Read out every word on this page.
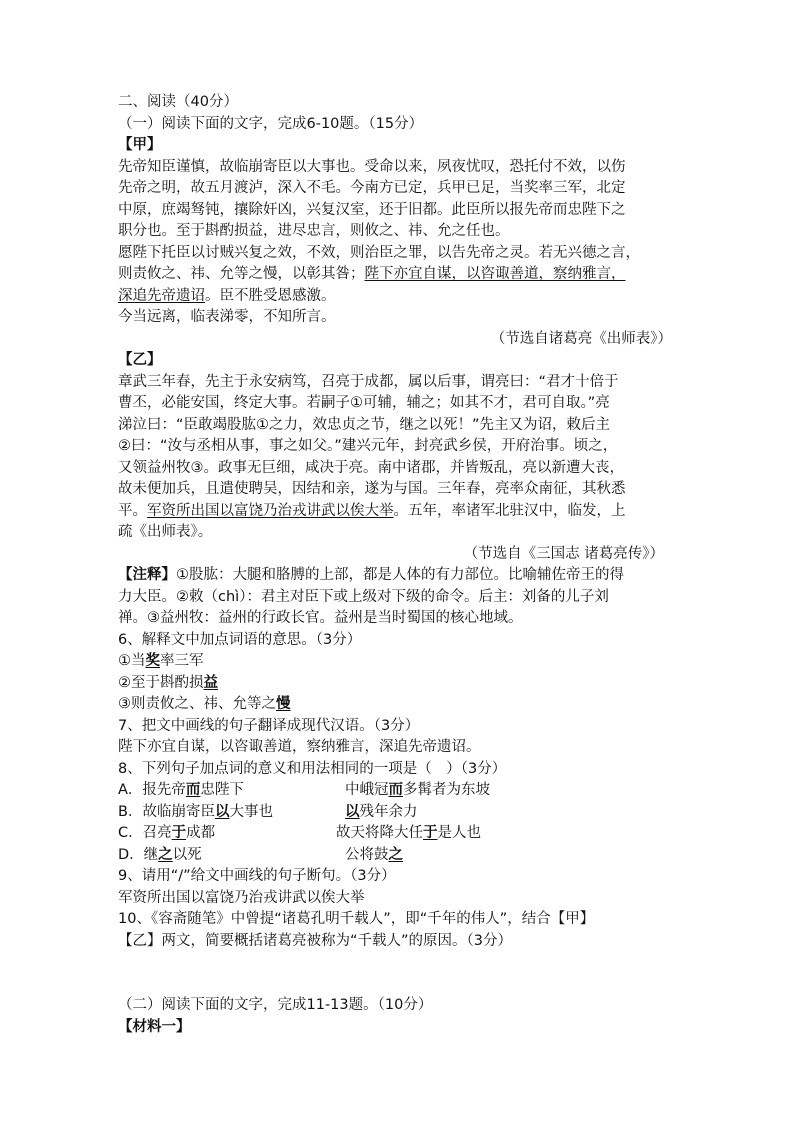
二、阅读（40分）
（一）阅读下面的文字，完成6-10题。（15分）
【甲】
先帝知臣谨慎，故临崩寄臣以大事也。受命以来，夙夜忧叹，恐托付不效，以伤
先帝之明，故五月渡泸，深入不毛。今南方已定，兵甲已足，当奖率三军，北定
中原，庶竭驽钝，攘除奸凶，兴复汉室，还于旧都。此臣所以报先帝而忠陛下之
职分也。至于斟酌损益，进尽忠言，则攸之、祎、允之任也。
愿陛下托臣以讨贼兴复之效，不效，则治臣之罪，以告先帝之灵。若无兴德之言，
则责攸之、祎、允等之慢，以彰其咎；陛下亦宜自谋，以咨诹善道，察纳雅言，
深追先帝遗诏。臣不胜受恩感激。
今当远离，临表涕零，不知所言。
（节选自诸葛亮《出师表》）
【乙】
章武三年春，先主于永安病笃，召亮于成都，属以后事，谓亮曰：“君才十倍于
曹丕，必能安国，终定大事。若嗣子①可辅，辅之；如其不才，君可自取。”亮
涕泣曰：“臣敢竭股肱①之力，效忠贞之节，继之以死！”先主又为诏，敕后主
②曰：“汝与丞相从事，事之如父。”建兴元年，封亮武乡侯，开府治事。顷之，
又领益州牧③。政事无巨细，咸决于亮。南中诸郡，并皆叛乱，亮以新遭大丧，
故未便加兵，且遣使聘吴，因结和亲，遂为与国。三年春，亮率众南征，其秋悉
平。军资所出国以富饶乃治戎讲武以俟大举。五年，率诸军北驻汉中，临发，上
疏《出师表》。
（节选自《三国志 诸葛亮传》）
【注释】①股肱：大腿和胳膊的上部，都是人体的有力部位。比喻辅佐帝王的得
力大臣。②敕（chì）：君主对臣下或上级对下级的命令。后主：刘备的儿子刘
禅。③益州牧：益州的行政长官。益州是当时蜀国的核心地域。
6、解释文中加点词语的意思。（3分）
①当奖率三军
②至于斟酌损益
③则责攸之、祎、允等之慢
7、把文中画线的句子翻译成现代汉语。（3分）
陛下亦宜自谋，以咨诹善道，察纳雅言，深追先帝遗诏。
8、下列句子加点词的意义和用法相同的一项是（　）（3分）
A．报先帝而忠陛下	中峨冠而多髯者为东坡
B．故临崩寄臣以大事也	以残年余力
C．召亮于成都	故天将降大任于是人也
D．继之以死	公将鼓之
9、请用“/”给文中画线的句子断句。（3分）
军资所出国以富饶乃治戎讲武以俟大举
10、《容斋随笔》中曾提“诸葛孔明千载人”，即“千年的伟人”，结合【甲】
【乙】两文，简要概括诸葛亮被称为“千载人”的原因。（3分）
（二）阅读下面的文字，完成11-13题。（10分）
【材料一】
